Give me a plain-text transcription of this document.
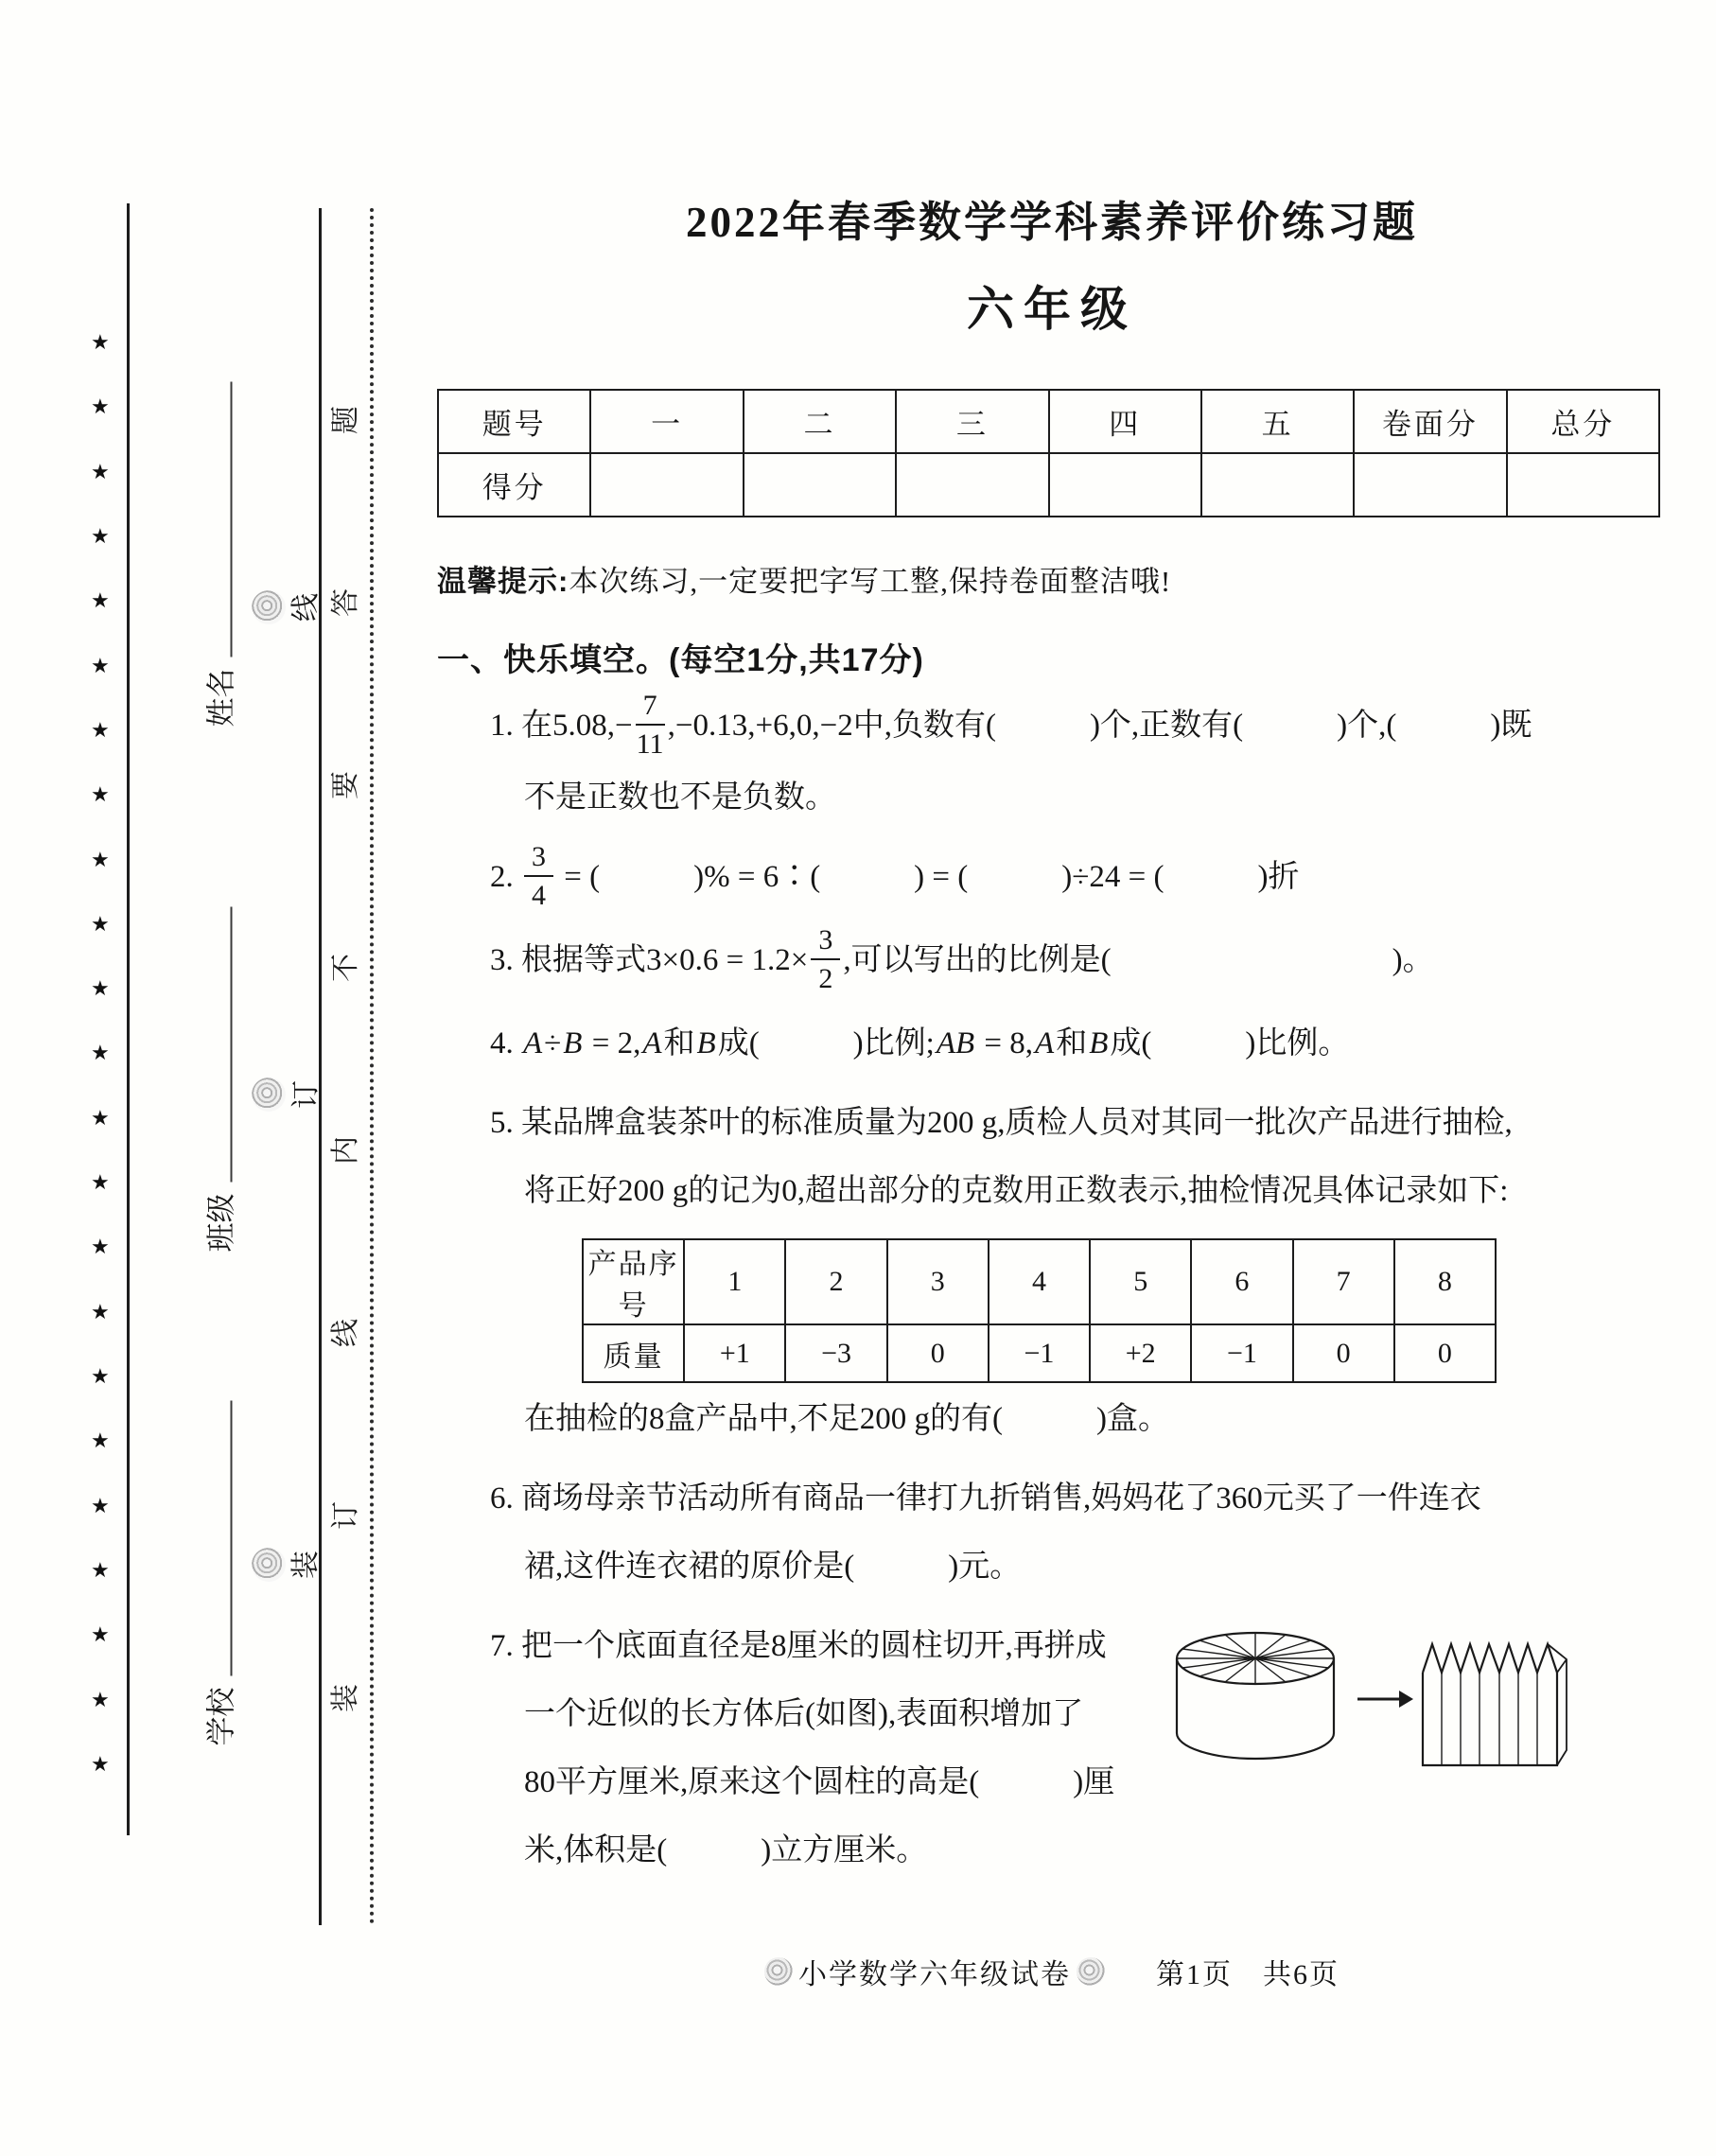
★
★
★
★
★
★
★
★
★
★
★
★
★
★
★
★
★
★
★
★
★
★
★
姓名
班级
学校
线
订
装 装订线内不要答题
2022年春季数学学科素养评价练习题
六年级
题号	一	二	三	四	五	卷面分	总分
得分							
温馨提示:本次练习,一定要把字写工整,保持卷面整洁哦!
一、快乐填空。(每空1分,共17分)
1. 在$5.08,- \frac{7}{11} ,-0.13,+6,0,-2$中,负数有(　　　)个,正数有(　　　)个,(　　　)既
不是正数也不是负数。
2. $\frac{3}{4}$ = (　　　)% = 6∶(　　　) = (　　　)÷24 = (　　　)折
3. 根据等式$3\times 0.6 = 1.2\times \frac{3}{2}$ ,可以写出的比例是(　　　　　　　　　)。
4. A÷B = 2,A和B成(　　　)比例;AB = 8,A和B成(　　　)比例。
5. 某品牌盒装茶叶的标准质量为200 g,质检人员对其同一批次产品进行抽检,
将正好200 g的记为0,超出部分的克数用正数表示,抽检情况具体记录如下:
产品序号	1	2	3	4	5	6	7	8
质量	+1	−3	0	−1	+2	−1	0	0
在抽检的8盒产品中,不足200 g的有(　　　)盒。
6. 商场母亲节活动所有商品一律打九折销售,妈妈花了360元买了一件连衣
裙,这件连衣裙的原价是(　　　)元。
7. 把一个底面直径是8厘米的圆柱切开,再拼成
一个近似的长方体后(如图),表面积增加了
80平方厘米,原来这个圆柱的高是(　　　)厘
米,体积是(　　　)立方厘米。
小学数学六年级试卷	第1页 共6页
